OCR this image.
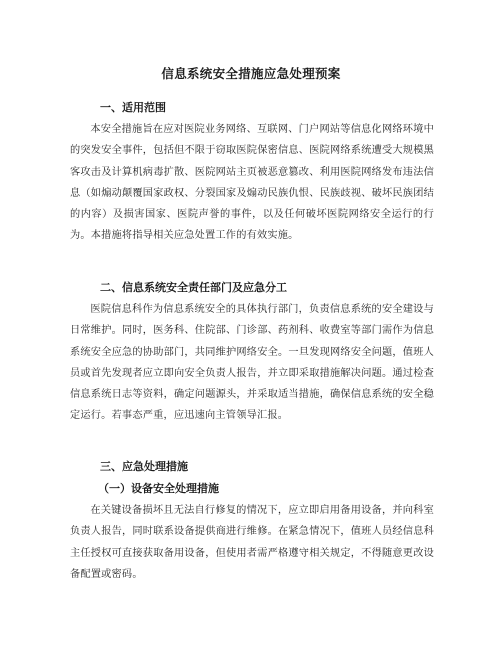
信息系统安全措施应急处理预案
一、适用范围
本安全措施旨在应对医院业务网络、互联网、门户网站等信息化网络环境中的突发安全事件，包括但不限于窃取医院保密信息、医院网络系统遭受大规模黑客攻击及计算机病毒扩散、医院网站主页被恶意篡改、利用医院网络发布违法信息（如煽动颠覆国家政权、分裂国家及煽动民族仇恨、民族歧视、破坏民族团结的内容）及损害国家、医院声誉的事件，以及任何破坏医院网络安全运行的行为。本措施将指导相关应急处置工作的有效实施。
二、信息系统安全责任部门及应急分工
医院信息科作为信息系统安全的具体执行部门，负责信息系统的安全建设与日常维护。同时，医务科、住院部、门诊部、药剂科、收费室等部门需作为信息系统安全应急的协助部门，共同维护网络安全。一旦发现网络安全问题，值班人员或首先发现者应立即向安全负责人报告，并立即采取措施解决问题。通过检查信息系统日志等资料，确定问题源头，并采取适当措施，确保信息系统的安全稳定运行。若事态严重，应迅速向主管领导汇报。
三、应急处理措施
（一）设备安全处理措施
在关键设备损坏且无法自行修复的情况下，应立即启用备用设备，并向科室负责人报告，同时联系设备提供商进行维修。在紧急情况下，值班人员经信息科主任授权可直接获取备用设备，但使用者需严格遵守相关规定，不得随意更改设备配置或密码。
